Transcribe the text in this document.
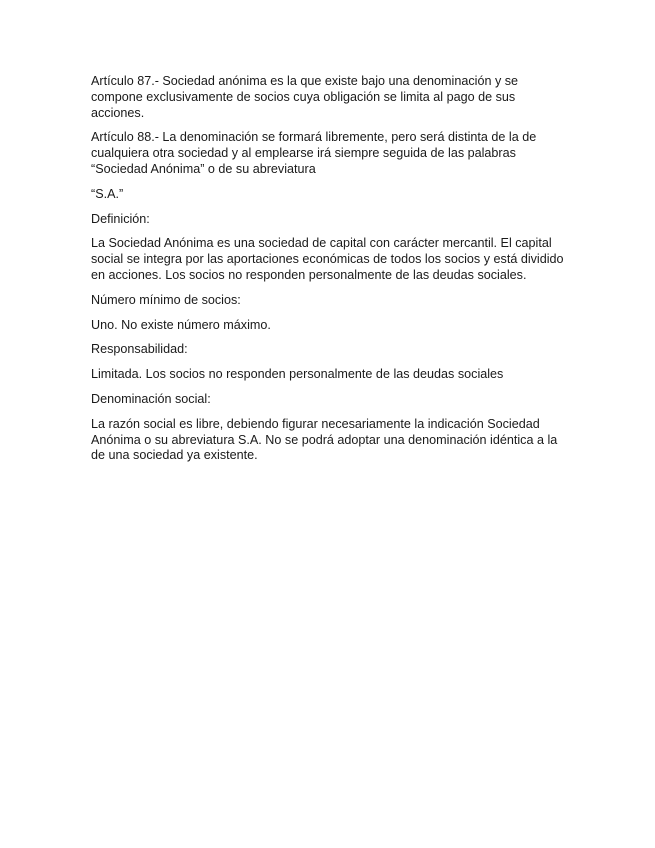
Artículo 87.- Sociedad anónima es la que existe bajo una denominación y se compone exclusivamente de socios cuya obligación se limita al pago de sus acciones.

Artículo 88.- La denominación se formará libremente, pero será distinta de la de cualquiera otra sociedad y al emplearse irá siempre seguida de las palabras “Sociedad Anónima” o de su abreviatura

“S.A.”

Definición:

La Sociedad Anónima es una sociedad de capital con carácter mercantil. El capital social se integra por las aportaciones económicas de todos los socios y está dividido en acciones. Los socios no responden personalmente de las deudas sociales.

Número mínimo de socios:

Uno. No existe número máximo.

Responsabilidad:

Limitada. Los socios no responden personalmente de las deudas sociales

Denominación social:

La razón social es libre, debiendo figurar necesariamente la indicación Sociedad Anónima o su abreviatura S.A. No se podrá adoptar una denominación idéntica a la de una sociedad ya existente.
